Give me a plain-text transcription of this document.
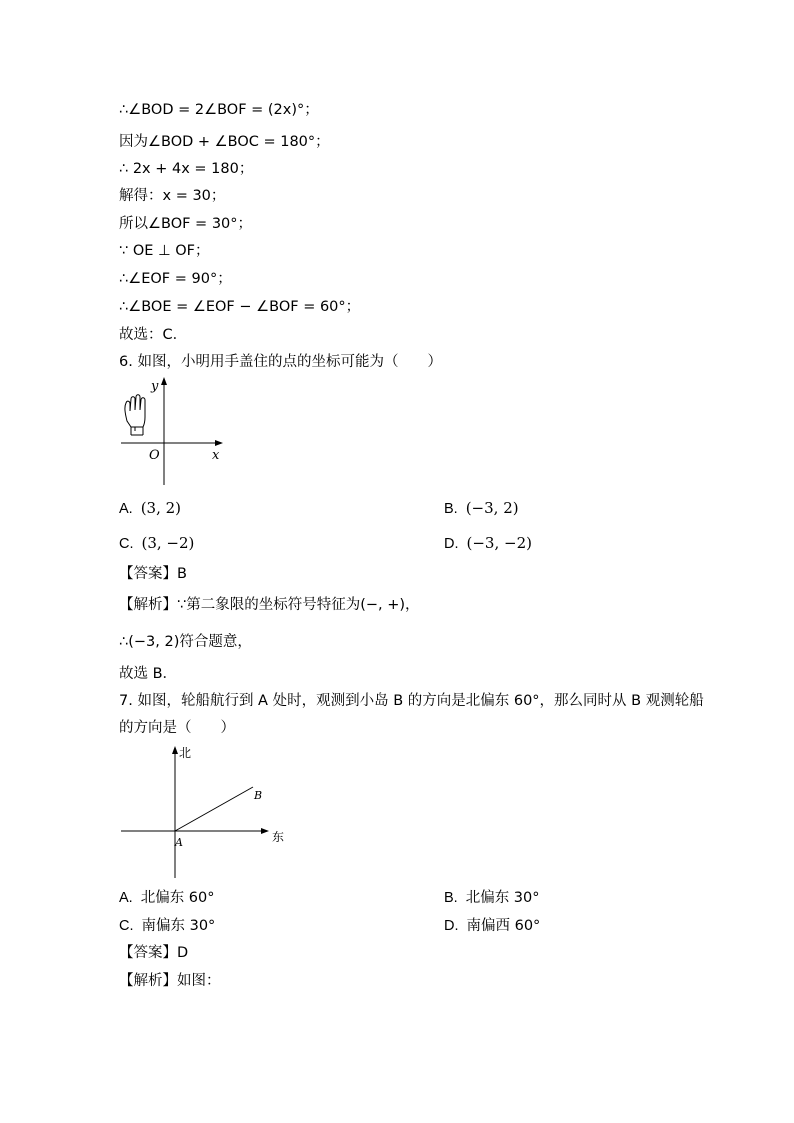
∴∠BOD = 2∠BOF = (2x)°；
因为∠BOD + ∠BOC = 180°；
∴ 2x + 4x = 180；
解得：x = 30；
所以∠BOF = 30°；
∵ OE ⊥ OF；
∴∠EOF = 90°；
∴∠BOE = ∠EOF − ∠BOF = 60°；
故选：C．
6. 如图，小明用手盖住的点的坐标可能为（　　）
y
x
O
A. (3, 2)	B. (−3, 2)
C. (3, −2)	D. (−3, −2)
【答案】B
【解析】∵第二象限的坐标符号特征为(−, +)，
∴(−3, 2)符合题意，
故选 B．
7. 如图，轮船航行到 A 处时，观测到小岛 B 的方向是北偏东 60°，那么同时从 B 观测轮船
的方向是（　　）
北
东
A
B
A. 北偏东 60°	B. 北偏东 30°
C. 南偏东 30°	D. 南偏西 60°
【答案】D
【解析】如图：
